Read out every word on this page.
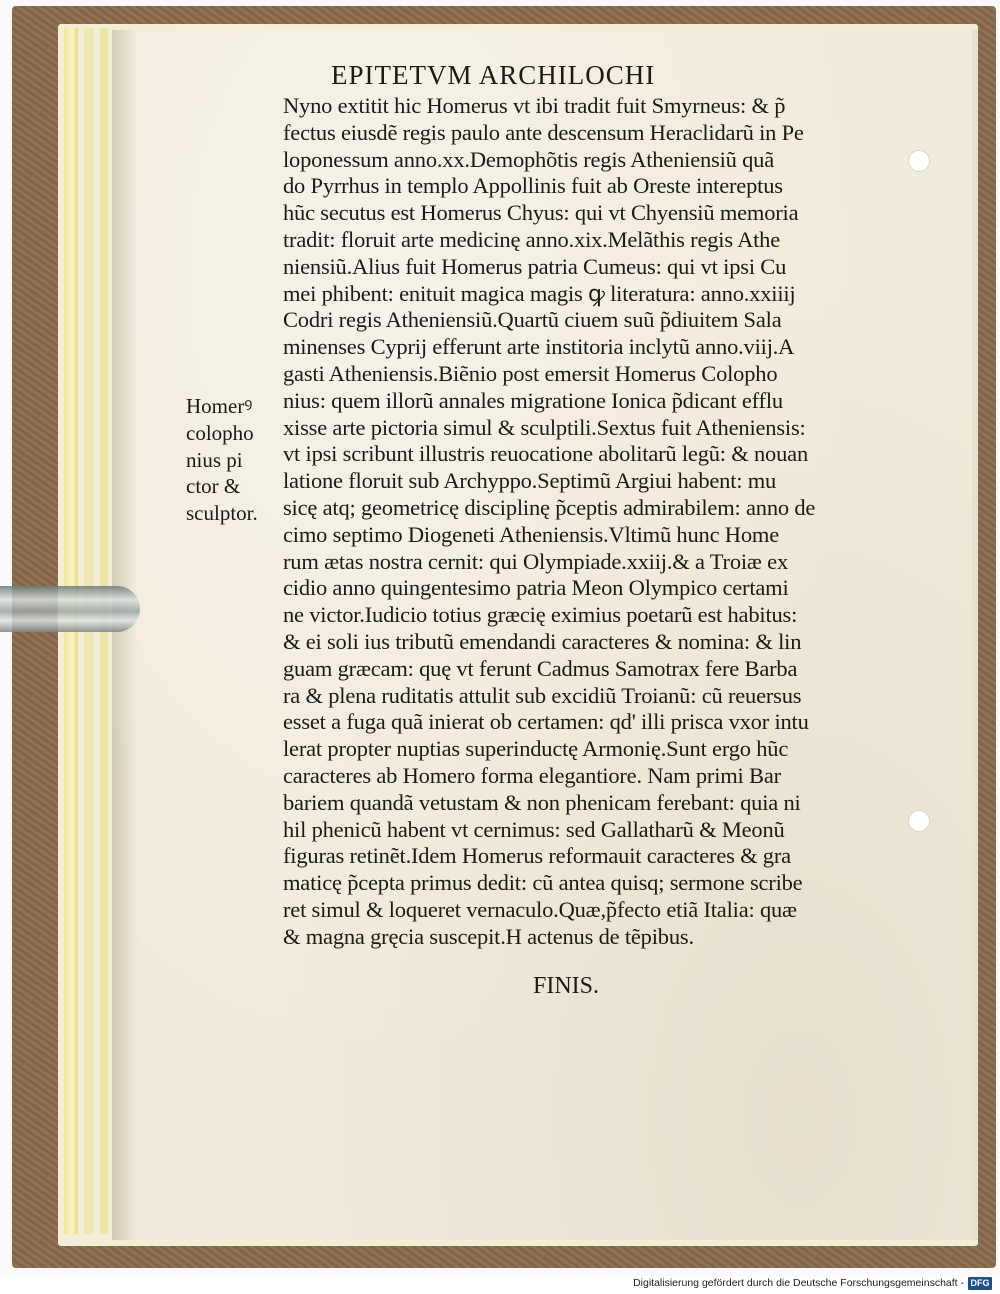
EPITETVM ARCHILOCHI
Nyno extitit hic Homerus vt ibi tradit fuit Smyrneus: & p̃
fectus eiusdẽ regis paulo ante descensum Heraclidarũ in Pe
loponessum anno.xx.Demophõtis regis Atheniensiũ quã
do Pyrrhus in templo Appollinis fuit ab Oreste intereptus
hũc secutus est Homerus Chyus: qui vt Chyensiũ memoria
tradit: floruit arte medicinę anno.xix.Melãthis regis Athe
niensiũ.Alius fuit Homerus patria Cumeus: qui vt ipsi Cu
mei phibent: enituit magica magis ꝙ literatura: anno.xxiiij
Codri regis Atheniensiũ.Quartũ ciuem suũ p̃diuitem Sala
minenses Cyprij efferunt arte institoria inclytũ anno.viij.A
gasti Atheniensis.Biẽnio post emersit Homerus Colopho
nius: quem illorũ annales migratione Ionica p̃dicant efflu
xisse arte pictoria simul & sculptili.Sextus fuit Atheniensis:
vt ipsi scribunt illustris reuocatione abolitarũ legũ: & nouan
latione floruit sub Archyppo.Septimũ Argiui habent: mu
sicę atq; geometricę disciplinę p̃ceptis admirabilem: anno de
cimo septimo Diogeneti Atheniensis.Vltimũ hunc Home
rum ætas nostra cernit: qui Olympiade.xxiij.& a Troiæ ex
cidio anno quingentesimo patria Meon Olympico certami
ne victor.Iudicio totius græcię eximius poetarũ est habitus:
& ei soli ius tributũ emendandi caracteres & nomina: & lin
guam græcam: quę vt ferunt Cadmus Samotrax fere Barba
ra & plena ruditatis attulit sub excidiũ Troianũ: cũ reuersus
esset a fuga quã inierat ob certamen: qd' illi prisca vxor intu
lerat propter nuptias superinductę Armonię.Sunt ergo hũc
caracteres ab Homero forma elegantiore. Nam primi Bar
bariem quandã vetustam & non phenicam ferebant: quia ni
hil phenicũ habent vt cernimus: sed Gallatharũ & Meonũ
figuras retinẽt.Idem Homerus reformauit caracteres & gra
maticę p̃cepta primus dedit: cũ antea quisq; sermone scribe
ret simul & loqueret vernaculo.Quæ,p̃fecto etiã Italia: quæ
& magna gręcia suscepit.H actenus de tẽpibus.
FINIS.
Homerꝰ
colopho
nius pi
ctor &
sculptor.
Digitalisierung gefördert durch die Deutsche Forschungsgemeinschaft - DFG
